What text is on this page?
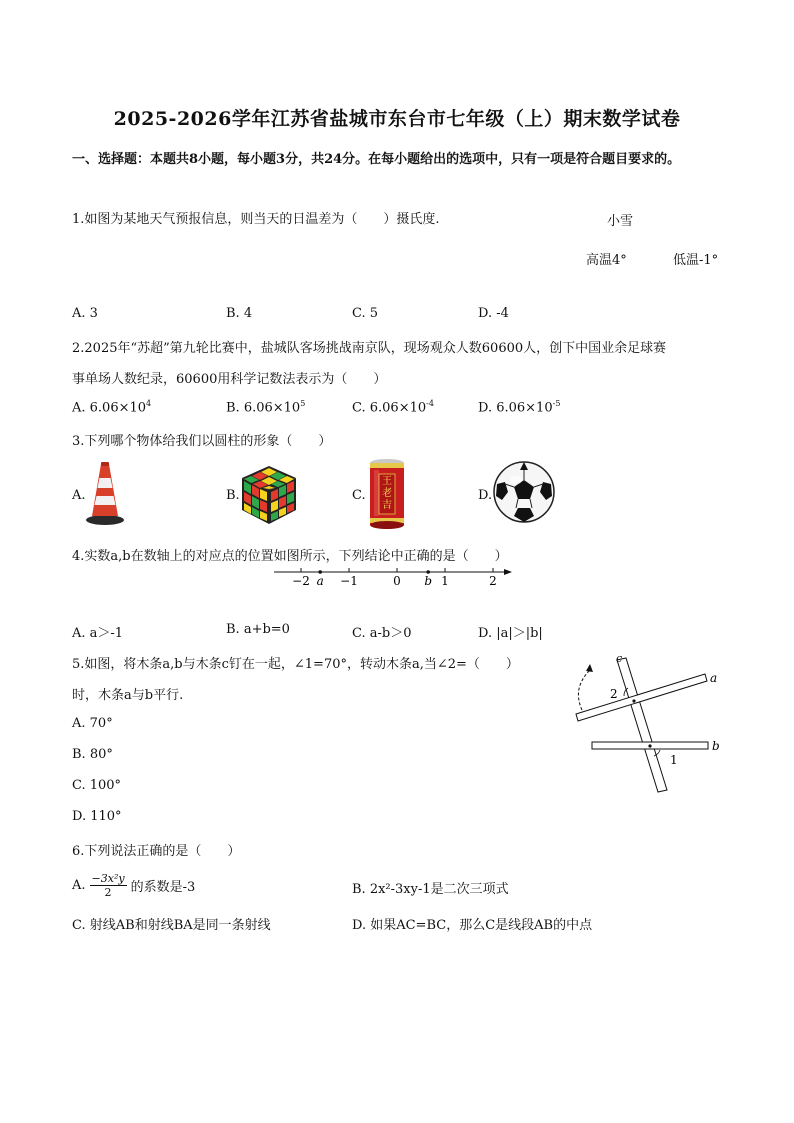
2025-2026学年江苏省盐城市东台市七年级（上）期末数学试卷
一、选择题：本题共8小题，每小题3分，共24分。在每小题给出的选项中，只有一项是符合题目要求的。
1.如图为某地天气预报信息，则当天的日温差为（　　）摄氏度.	小雪
高温4°	低温-1°
A. 3	B. 4	C. 5	D. -4
2.2025年“苏超”第九轮比赛中，盐城队客场挑战南京队，现场观众人数60600人，创下中国业余足球赛
事单场人数纪录，60600用科学记数法表示为（　　）
A. $6.06\times 10^4$	B. $6.06\times 10^5$	C. $6.06\times 10^{-4}$	D. $6.06\times 10^{-5}$
3.下列哪个物体给我们以圆柱的形象（　　）
A.	B.	C.	D.
王老吉
4.实数a,b在数轴上的对应点的位置如图所示，下列结论中正确的是（　　）
−2	−1	0	1	2
a	b
A. a＞-1	B. a+b=0	C. a-b＞0	D. |a|＞|b|
5.如图，将木条a,b与木条c钉在一起，∠1=70°，转动木条a,当∠2=（　　）
时，木条a与b平行.
A. 70°
B. 80°
C. 100°
D. 110°
c
a
b
2
1
6.下列说法正确的是（　　）
A. $\frac{\text{−3x²y}}{2}$ 的系数是-3	B. 2x²-3xy-1是二次三项式
C. 射线AB和射线BA是同一条射线	D. 如果AC=BC，那么C是线段AB的中点
